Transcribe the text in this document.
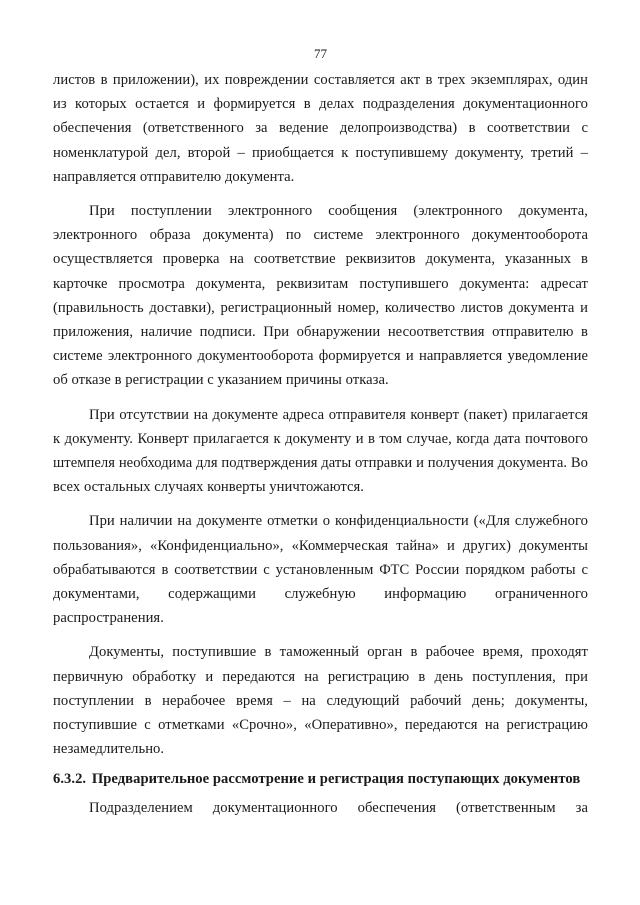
77

листов в приложении), их повреждении составляется акт в трех экземплярах, один из которых остается и формируется в делах подразделения документационного обеспечения (ответственного за ведение делопроизводства) в соответствии с номенклатурой дел, второй – приобщается к поступившему документу, третий – направляется отправителю документа.

При поступлении электронного сообщения (электронного документа, электронного образа документа) по системе электронного документооборота осуществляется проверка на соответствие реквизитов документа, указанных в карточке просмотра документа, реквизитам поступившего документа: адресат (правильность доставки), регистрационный номер, количество листов документа и приложения, наличие подписи. При обнаружении несоответствия отправителю в системе электронного документооборота формируется и направляется уведомление об отказе в регистрации с указанием причины отказа.

При отсутствии на документе адреса отправителя конверт (пакет) прилагается к документу. Конверт прилагается к документу и в том случае, когда дата почтового штемпеля необходима для подтверждения даты отправки и получения документа. Во всех остальных случаях конверты уничтожаются.

При наличии на документе отметки о конфиденциальности («Для служебного пользования», «Конфиденциально», «Коммерческая тайна» и других) документы обрабатываются в соответствии с установленным ФТС России порядком работы с документами, содержащими служебную информацию ограниченного распространения.

Документы, поступившие в таможенный орган в рабочее время, проходят первичную обработку и передаются на регистрацию в день поступления, при поступлении в нерабочее время – на следующий рабочий день; документы, поступившие с отметками «Срочно», «Оперативно», передаются на регистрацию незамедлительно.

6.3.2. Предварительное рассмотрение и регистрация поступающих документов

Подразделением документационного обеспечения (ответственным за
